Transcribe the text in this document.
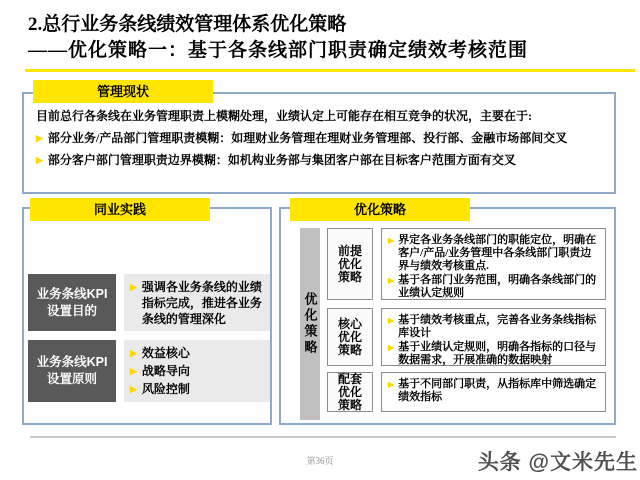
2.总行业务条线绩效管理体系优化策略
——优化策略一：基于各条线部门职责确定绩效考核范围
管理现状
同业实践	优化策略
目前总行各条线在业务管理职责上模糊处理，业绩认定上可能存在相互竞争的状况，主要在于:
▶ 部分业务/产品部门管理职责模糊：如理财业务管理在理财业务管理部、投行部、金融市场部间交叉
▶ 部分客户部门管理职责边界模糊：如机构业务部与集团客户部在目标客户范围方面有交叉
业务条线KPI
设置目的
▶ 强调各业务条线的业绩指标完成，推进各业务条线的管理深化
业务条线KPI
设置原则
▶ 效益核心
▶ 战略导向
▶ 风险控制
优化策略
前提
优化
策略
▶ 界定各业务条线部门的职能定位，明确在客户/产品/业务管理中各条线部门职责边界与绩效考核重点.
▶ 基于各部门业务范围，明确各条线部门的业绩认定规则
核心
优化
策略
▶ 基于绩效考核重点，完善各业务条线指标库设计
▶ 基于业绩认定规则，明确各指标的口径与数据需求，开展准确的数据映射
配套
优化
策略
▶ 基于不同部门职责，从指标库中筛选确定绩效指标
第36页	头条 @文米先生
